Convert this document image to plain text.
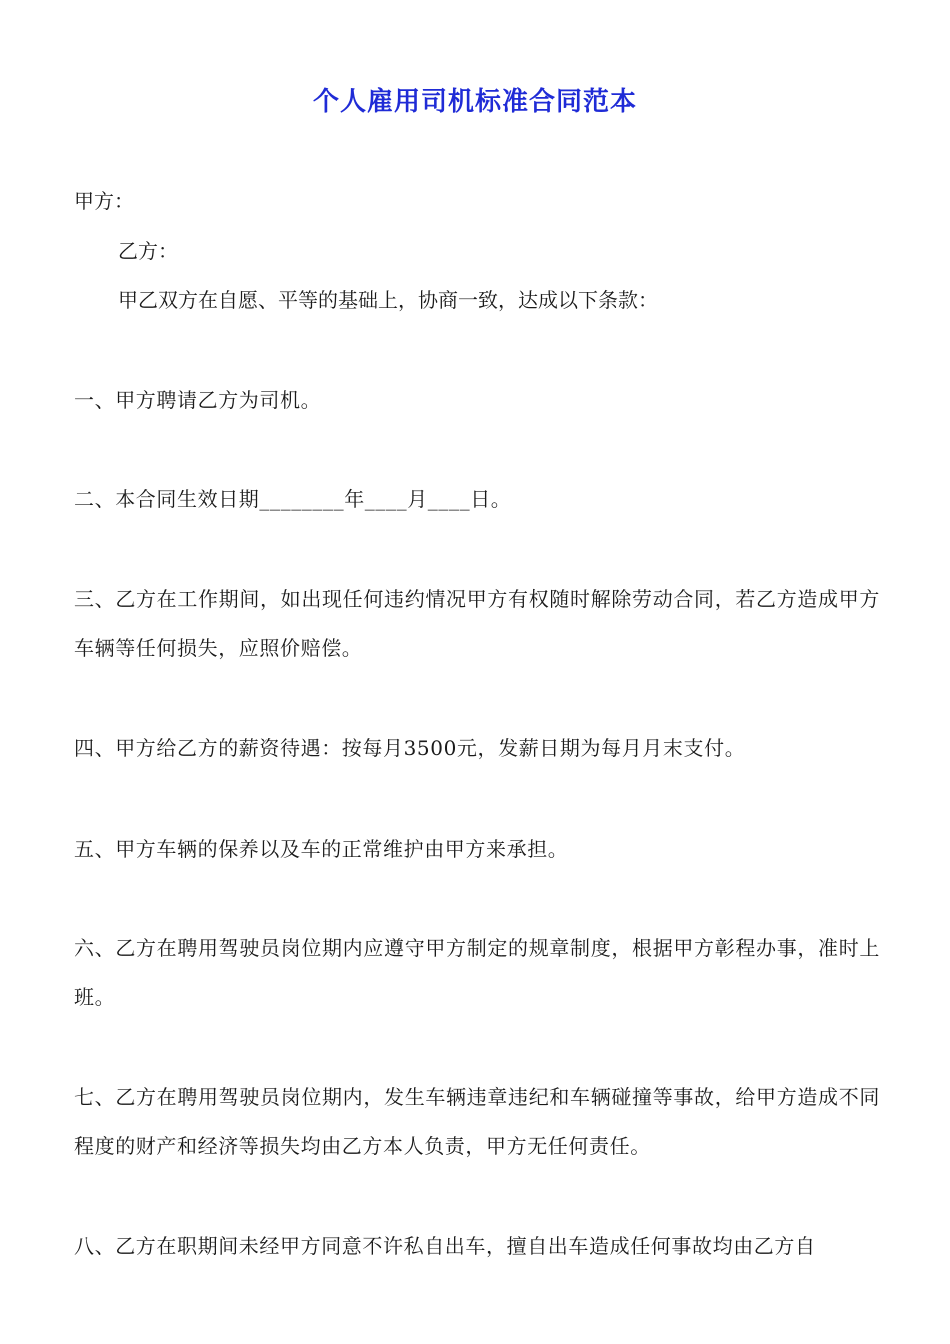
个人雇用司机标准合同范本
甲方：
乙方：
甲乙双方在自愿、平等的基础上，协商一致，达成以下条款：
一、甲方聘请乙方为司机。
二、本合同生效日期________年____月____日。
三、乙方在工作期间，如出现任何违约情况甲方有权随时解除劳动合同，若乙方造成甲方车辆等任何损失，应照价赔偿。
四、甲方给乙方的薪资待遇：按每月3500元，发薪日期为每月月末支付。
五、甲方车辆的保养以及车的正常维护由甲方来承担。
六、乙方在聘用驾驶员岗位期内应遵守甲方制定的规章制度，根据甲方彰程办事，准时上班。
七、乙方在聘用驾驶员岗位期内，发生车辆违章违纪和车辆碰撞等事故，给甲方造成不同程度的财产和经济等损失均由乙方本人负责，甲方无任何责任。
八、乙方在职期间未经甲方同意不许私自出车，擅自出车造成任何事故均由乙方自
